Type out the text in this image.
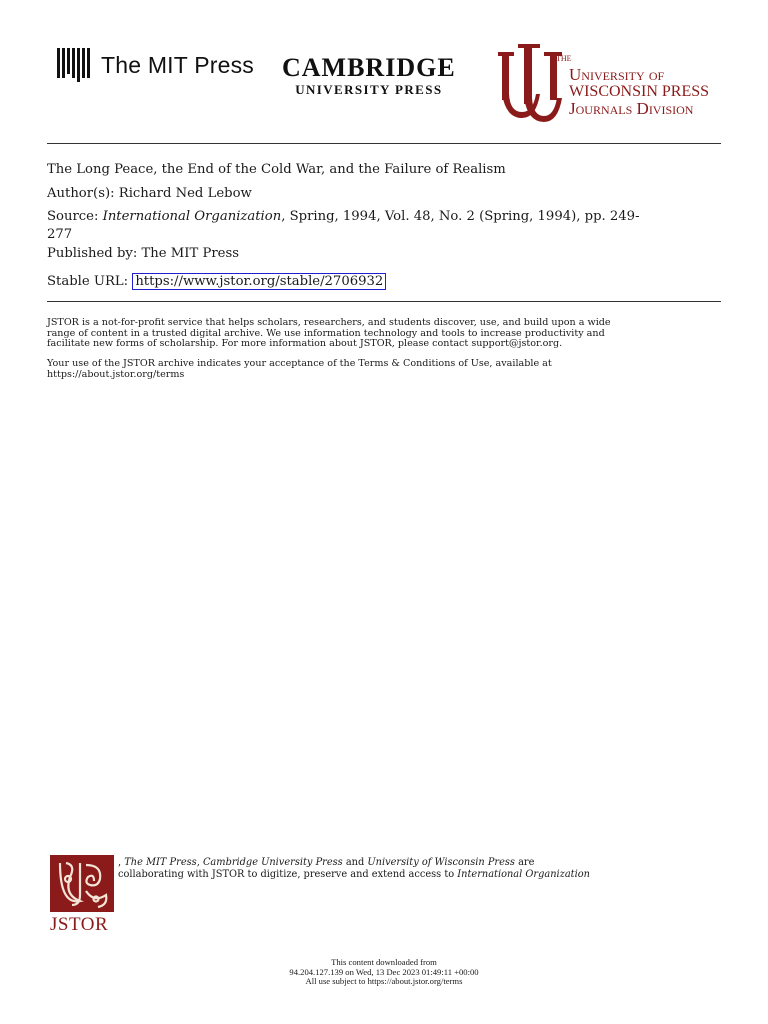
The MIT Press CAMBRIDGE
UNIVERSITY PRESS
THE
University of
WISCONSIN PRESS
Journals Division
The Long Peace, the End of the Cold War, and the Failure of Realism
Author(s): Richard Ned Lebow
Source: International Organization, Spring, 1994, Vol. 48, No. 2 (Spring, 1994), pp. 249-
277
Published by: The MIT Press
Stable URL: https://www.jstor.org/stable/2706932
JSTOR is a not-for-profit service that helps scholars, researchers, and students discover, use, and build upon a wide
range of content in a trusted digital archive. We use information technology and tools to increase productivity and
facilitate new forms of scholarship. For more information about JSTOR, please contact support@jstor.org.
Your use of the JSTOR archive indicates your acceptance of the Terms & Conditions of Use, available at
https://about.jstor.org/terms
JSTOR
, The MIT Press, Cambridge University Press and University of Wisconsin Press are
collaborating with JSTOR to digitize, preserve and extend access to International Organization
This content downloaded from
94.204.127.139 on Wed, 13 Dec 2023 01:49:11 +00:00
All use subject to https://about.jstor.org/terms
